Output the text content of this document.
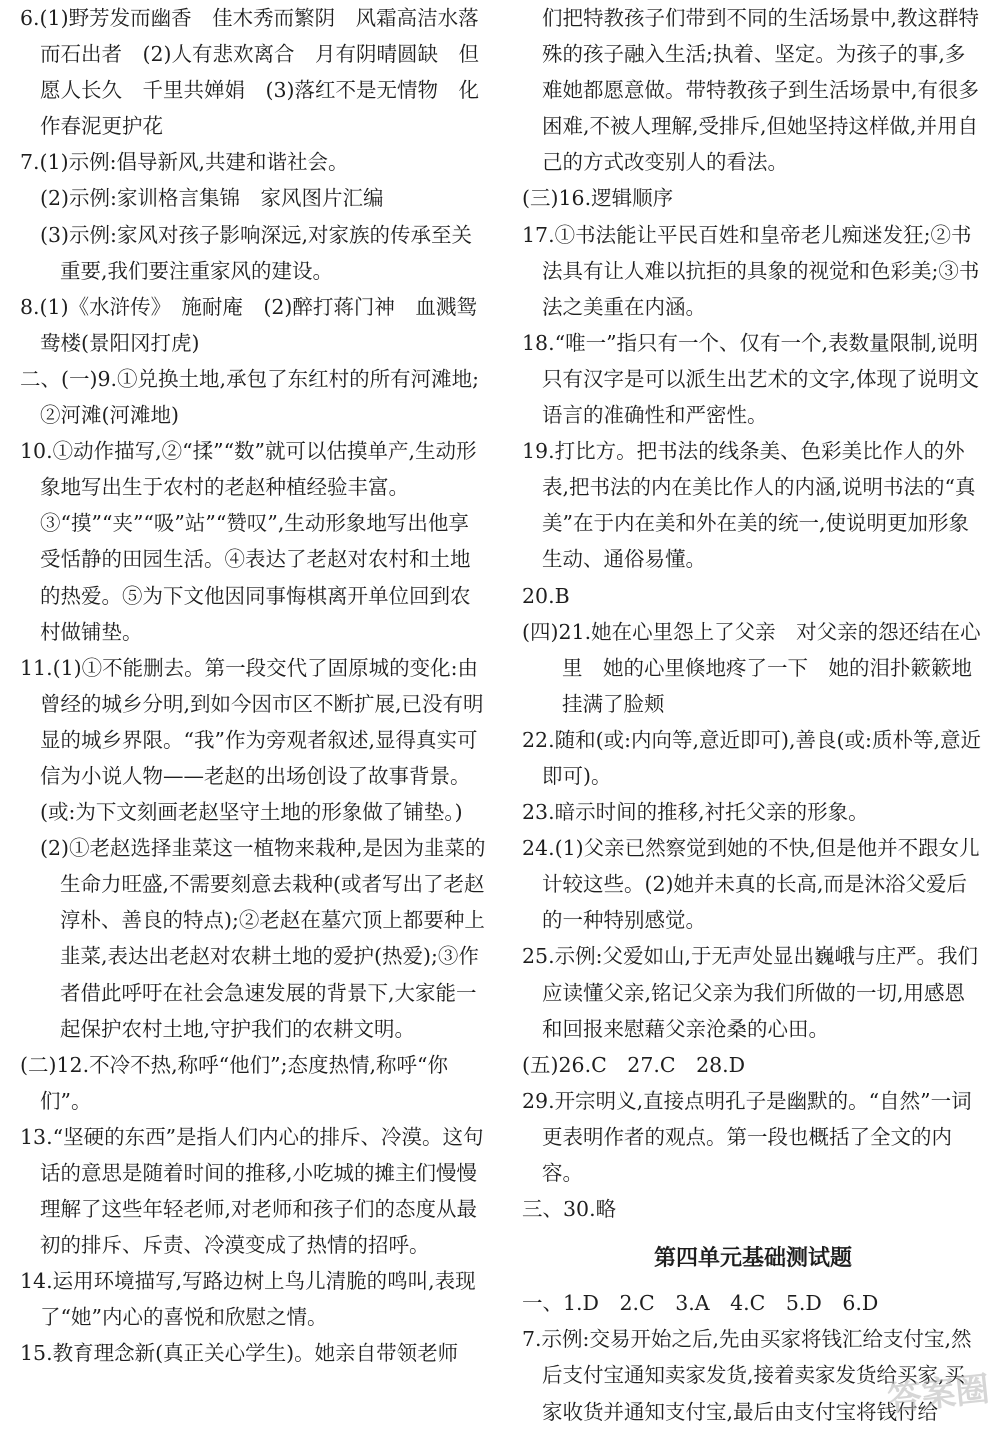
6.(1)野芳发而幽香　佳木秀而繁阴　风霜高洁水落而石出者　(2)人有悲欢离合　月有阴晴圆缺　但愿人长久　千里共婵娟　(3)落红不是无情物　化作春泥更护花
7.(1)示例:倡导新风,共建和谐社会。
(2)示例:家训格言集锦　家风图片汇编
(3)示例:家风对孩子影响深远,对家族的传承至关重要,我们要注重家风的建设。
8.(1)《水浒传》　施耐庵　(2)醉打蒋门神　血溅鸳鸯楼(景阳冈打虎)
二、(一)9.①兑换土地,承包了东红村的所有河滩地;②河滩(河滩地)
10.①动作描写,②“揉”“数”就可以估摸单产,生动形象地写出生于农村的老赵种植经验丰富。③“摸”“夹”“吸”站”“赞叹”,生动形象地写出他享受恬静的田园生活。④表达了老赵对农村和土地的热爱。⑤为下文他因同事悔棋离开单位回到农村做铺垫。
11.(1)①不能删去。第一段交代了固原城的变化:由曾经的城乡分明,到如今因市区不断扩展,已没有明显的城乡界限。“我”作为旁观者叙述,显得真实可信为小说人物——老赵的出场创设了故事背景。(或:为下文刻画老赵坚守土地的形象做了铺垫。)
(2)①老赵选择韭菜这一植物来栽种,是因为韭菜的生命力旺盛,不需要刻意去栽种(或者写出了老赵淳朴、善良的特点);②老赵在墓穴顶上都要种上韭菜,表达出老赵对农耕土地的爱护(热爱);③作者借此呼吁在社会急速发展的背景下,大家能一起保护农村土地,守护我们的农耕文明。
(二)12.不冷不热,称呼“他们”;态度热情,称呼“你们”。
13.“坚硬的东西”是指人们内心的排斥、冷漠。这句话的意思是随着时间的推移,小吃城的摊主们慢慢理解了这些年轻老师,对老师和孩子们的态度从最初的排斥、斥责、冷漠变成了热情的招呼。
14.运用环境描写,写路边树上鸟儿清脆的鸣叫,表现了“她”内心的喜悦和欣慰之情。
15.教育理念新(真正关心学生)。她亲自带领老师
们把特教孩子们带到不同的生活场景中,教这群特殊的孩子融入生活;执着、坚定。为孩子的事,多难她都愿意做。带特教孩子到生活场景中,有很多困难,不被人理解,受排斥,但她坚持这样做,并用自己的方式改变别人的看法。
(三)16.逻辑顺序
17.①书法能让平民百姓和皇帝老儿痴迷发狂;②书法具有让人难以抗拒的具象的视觉和色彩美;③书法之美重在内涵。
18.“唯一”指只有一个、仅有一个,表数量限制,说明只有汉字是可以派生出艺术的文字,体现了说明文语言的准确性和严密性。
19.打比方。把书法的线条美、色彩美比作人的外表,把书法的内在美比作人的内涵,说明书法的“真美”在于内在美和外在美的统一,使说明更加形象生动、通俗易懂。
20.B
(四)21.她在心里怨上了父亲　对父亲的怨还结在心里　她的心里倏地疼了一下　她的泪扑簌簌地挂满了脸颊
22.随和(或:内向等,意近即可),善良(或:质朴等,意近即可)。
23.暗示时间的推移,衬托父亲的形象。
24.(1)父亲已然察觉到她的不快,但是他并不跟女儿计较这些。(2)她并未真的长高,而是沐浴父爱后的一种特别感觉。
25.示例:父爱如山,于无声处显出巍峨与庄严。我们应读懂父亲,铭记父亲为我们所做的一切,用感恩和回报来慰藉父亲沧桑的心田。
(五)26.C　27.C　28.D
29.开宗明义,直接点明孔子是幽默的。“自然”一词更表明作者的观点。第一段也概括了全文的内容。
三、30.略
第四单元基础测试题
一、1.D　2.C　3.A　4.C　5.D　6.D
7.示例:交易开始之后,先由买家将钱汇给支付宝,然后支付宝通知卖家发货,接着卖家发货给买家,买家收货并通知支付宝,最后由支付宝将钱付给
答案圈
